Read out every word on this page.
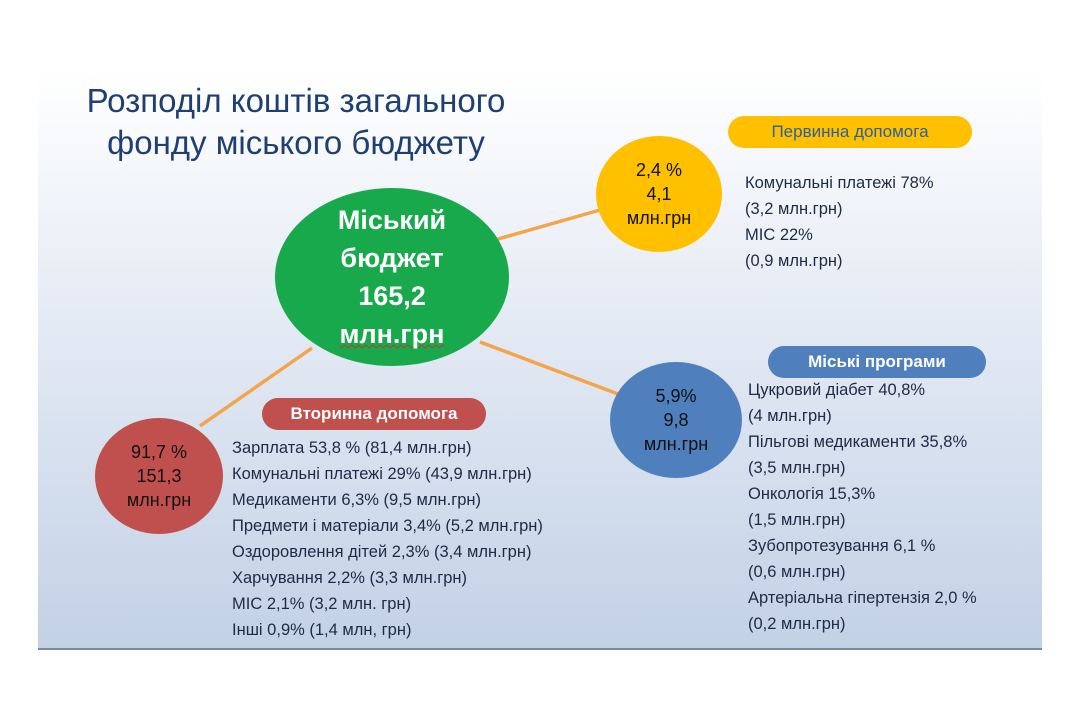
Розподіл коштів загального
фонду міського бюджету
Міський
бюджет
165,2
млн.грн
2,4 %
4,1
млн.грн
Первинна допомога
Комунальні платежі 78%
(3,2 млн.грн)
МІС 22%
(0,9 млн.грн)
5,9%
9,8
млн.грн
Міські програми
Цукровий діабет 40,8%
(4 млн.грн)
Пільгові медикаменти 35,8%
(3,5 млн.грн)
Онкологія 15,3%
(1,5 млн.грн)
Зубопротезування 6,1 %
(0,6 млн.грн)
Артеріальна гіпертензія 2,0 %
(0,2 млн.грн)
91,7 %
151,3
млн.грн
Вторинна допомога
Зарплата 53,8 % (81,4 млн.грн)
Комунальні платежі 29% (43,9 млн.грн)
Медикаменти 6,3% (9,5 млн.грн)
Предмети і матеріали 3,4% (5,2 млн.грн)
Оздоровлення дітей 2,3% (3,4 млн.грн)
Харчування 2,2% (3,3 млн.грн)
МІС 2,1% (3,2 млн. грн)
Інші 0,9% (1,4 млн, грн)
